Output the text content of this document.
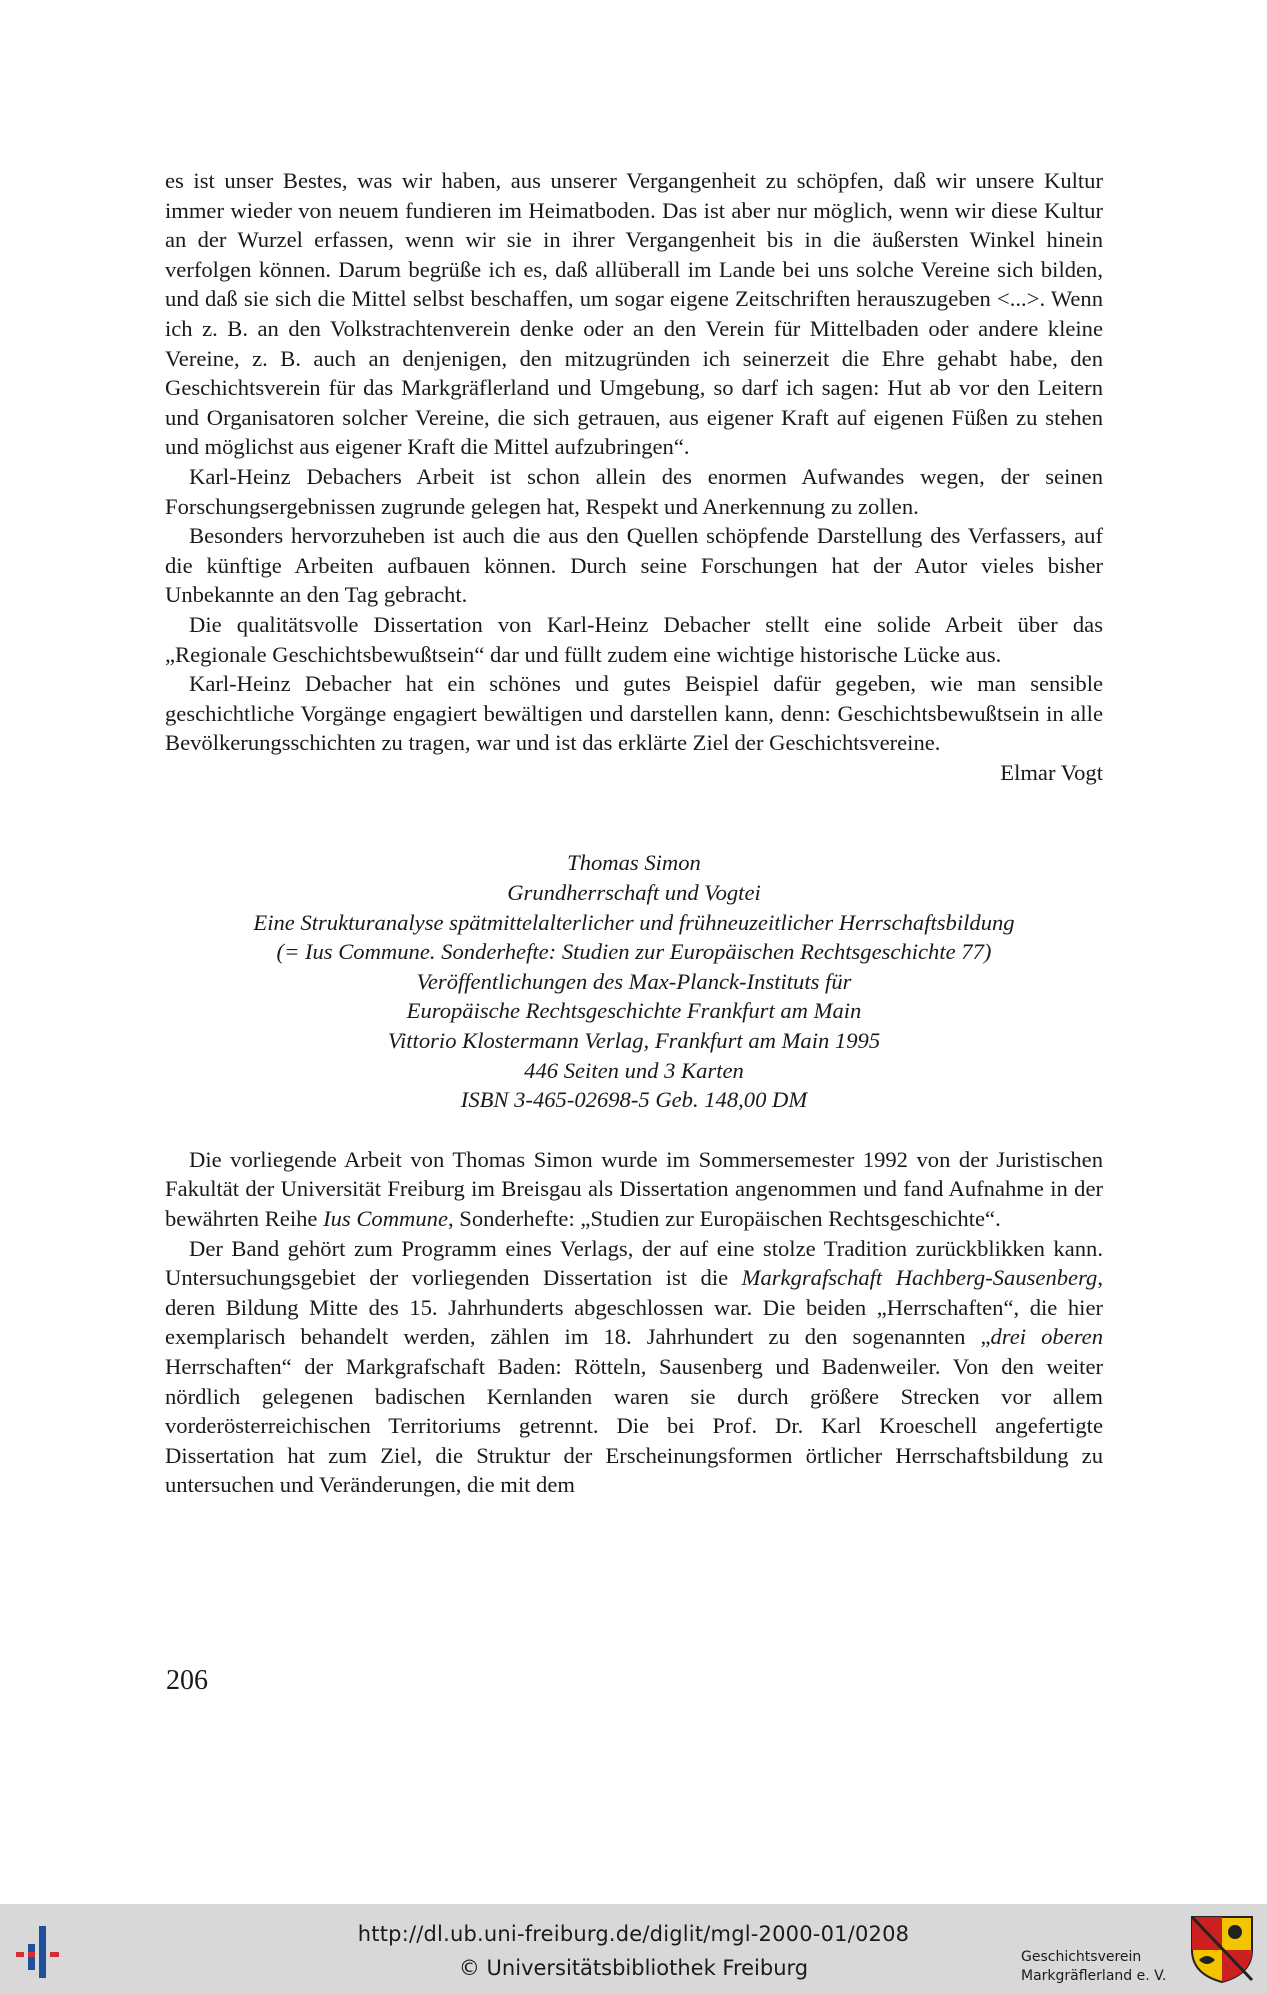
es ist unser Bestes, was wir haben, aus unserer Vergangenheit zu schöpfen, daß wir unsere Kultur immer wieder von neuem fundieren im Heimatboden. Das ist aber nur möglich, wenn wir diese Kultur an der Wurzel erfassen, wenn wir sie in ihrer Vergangenheit bis in die äußersten Winkel hinein verfolgen können. Darum begrüße ich es, daß allüberall im Lande bei uns solche Vereine sich bilden, und daß sie sich die Mittel selbst beschaffen, um sogar eigene Zeitschriften herauszugeben <...>. Wenn ich z. B. an den Volkstrachtenverein denke oder an den Verein für Mittelbaden oder andere kleine Vereine, z. B. auch an denjenigen, den mitzugründen ich seinerzeit die Ehre gehabt habe, den Geschichtsverein für das Markgräflerland und Umgebung, so darf ich sagen: Hut ab vor den Leitern und Organisatoren solcher Vereine, die sich getrauen, aus eigener Kraft auf eigenen Füßen zu stehen und möglichst aus eigener Kraft die Mittel aufzubringen“.

Karl-Heinz Debachers Arbeit ist schon allein des enormen Aufwandes wegen, der seinen Forschungsergebnissen zugrunde gelegen hat, Respekt und Anerkennung zu zollen.

Besonders hervorzuheben ist auch die aus den Quellen schöpfende Darstellung des Verfassers, auf die künftige Arbeiten aufbauen können. Durch seine Forschungen hat der Autor vieles bisher Unbekannte an den Tag gebracht.

Die qualitätsvolle Dissertation von Karl-Heinz Debacher stellt eine solide Arbeit über das „Regionale Geschichtsbewußtsein“ dar und füllt zudem eine wichtige historische Lücke aus.

Karl-Heinz Debacher hat ein schönes und gutes Beispiel dafür gegeben, wie man sensible geschichtliche Vorgänge engagiert bewältigen und darstellen kann, denn: Geschichtsbewußtsein in alle Bevölkerungsschichten zu tragen, war und ist das erklärte Ziel der Geschichtsvereine.

Elmar Vogt
Thomas Simon
Grundherrschaft und Vogtei
Eine Strukturanalyse spätmittelalterlicher und frühneuzeitlicher Herrschaftsbildung
(= Ius Commune. Sonderhefte: Studien zur Europäischen Rechtsgeschichte 77)
Veröffentlichungen des Max-Planck-Instituts für
Europäische Rechtsgeschichte Frankfurt am Main
Vittorio Klostermann Verlag, Frankfurt am Main 1995
446 Seiten und 3 Karten
ISBN 3-465-02698-5 Geb. 148,00 DM

Die vorliegende Arbeit von Thomas Simon wurde im Sommersemester 1992 von der Juristischen Fakultät der Universität Freiburg im Breisgau als Dissertation angenommen und fand Aufnahme in der bewährten Reihe Ius Commune, Sonderhefte: „Studien zur Europäischen Rechtsgeschichte“.

Der Band gehört zum Programm eines Verlags, der auf eine stolze Tradition zurückblikken kann. Untersuchungsgebiet der vorliegenden Dissertation ist die Markgrafschaft Hachberg-Sausenberg, deren Bildung Mitte des 15. Jahrhunderts abgeschlossen war. Die beiden „Herrschaften“, die hier exemplarisch behandelt werden, zählen im 18. Jahrhundert zu den sogenannten „drei oberen Herrschaften“ der Markgrafschaft Baden: Rötteln, Sausenberg und Badenweiler. Von den weiter nördlich gelegenen badischen Kernlanden waren sie durch größere Strecken vor allem vorderösterreichischen Territoriums getrennt. Die bei Prof. Dr. Karl Kroeschell angefertigte Dissertation hat zum Ziel, die Struktur der Erscheinungsformen örtlicher Herrschaftsbildung zu untersuchen und Veränderungen, die mit dem

206
http://dl.ub.uni-freiburg.de/diglit/mgl-2000-01/0208
© Universitätsbibliothek Freiburg	Geschichtsverein
Markgräflerland e. V.
